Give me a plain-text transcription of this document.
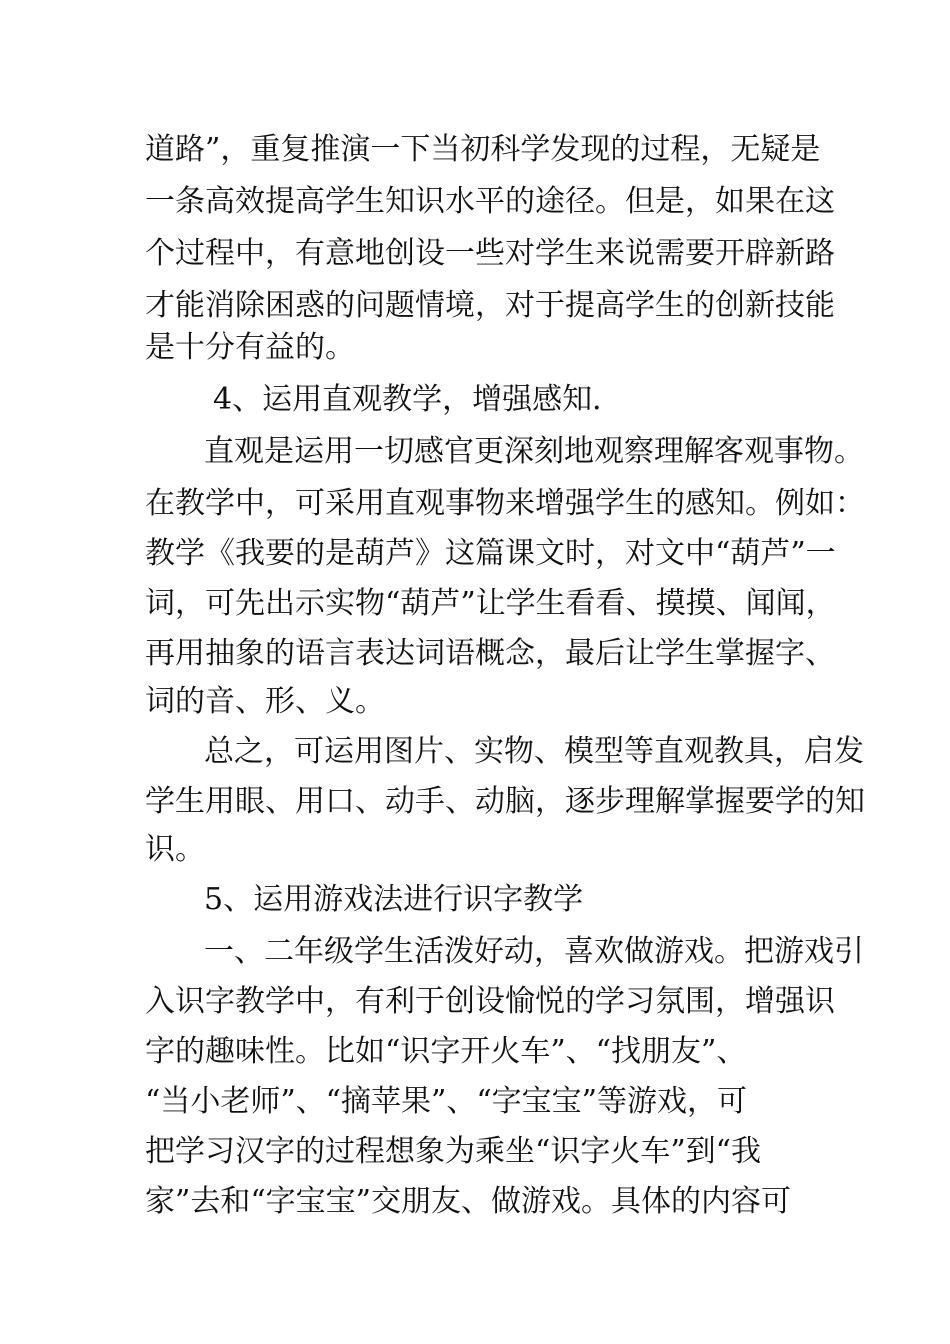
道路”，重复推演一下当初科学发现的过程，无疑是
一条高效提高学生知识水平的途径。但是，如果在这
个过程中，有意地创设一些对学生来说需要开辟新路
才能消除困惑的问题情境，对于提高学生的创新技能
是十分有益的。
4、运用直观教学，增强感知．
直观是运用一切感官更深刻地观察理解客观事物。
在教学中，可采用直观事物来增强学生的感知。例如：
教学《我要的是葫芦》这篇课文时，对文中“葫芦”一
词，可先出示实物“葫芦”让学生看看、摸摸、闻闻，
再用抽象的语言表达词语概念，最后让学生掌握字、
词的音、形、义。
总之，可运用图片、实物、模型等直观教具，启发
学生用眼、用口、动手、动脑，逐步理解掌握要学的知
识。
5、运用游戏法进行识字教学
一、二年级学生活泼好动，喜欢做游戏。把游戏引
入识字教学中，有利于创设愉悦的学习氛围，增强识
字的趣味性。比如“识字开火车”、“找朋友”、
“当小老师”、“摘苹果”、“字宝宝”等游戏，可
把学习汉字的过程想象为乘坐“识字火车”到“我
家”去和“字宝宝”交朋友、做游戏。具体的内容可
